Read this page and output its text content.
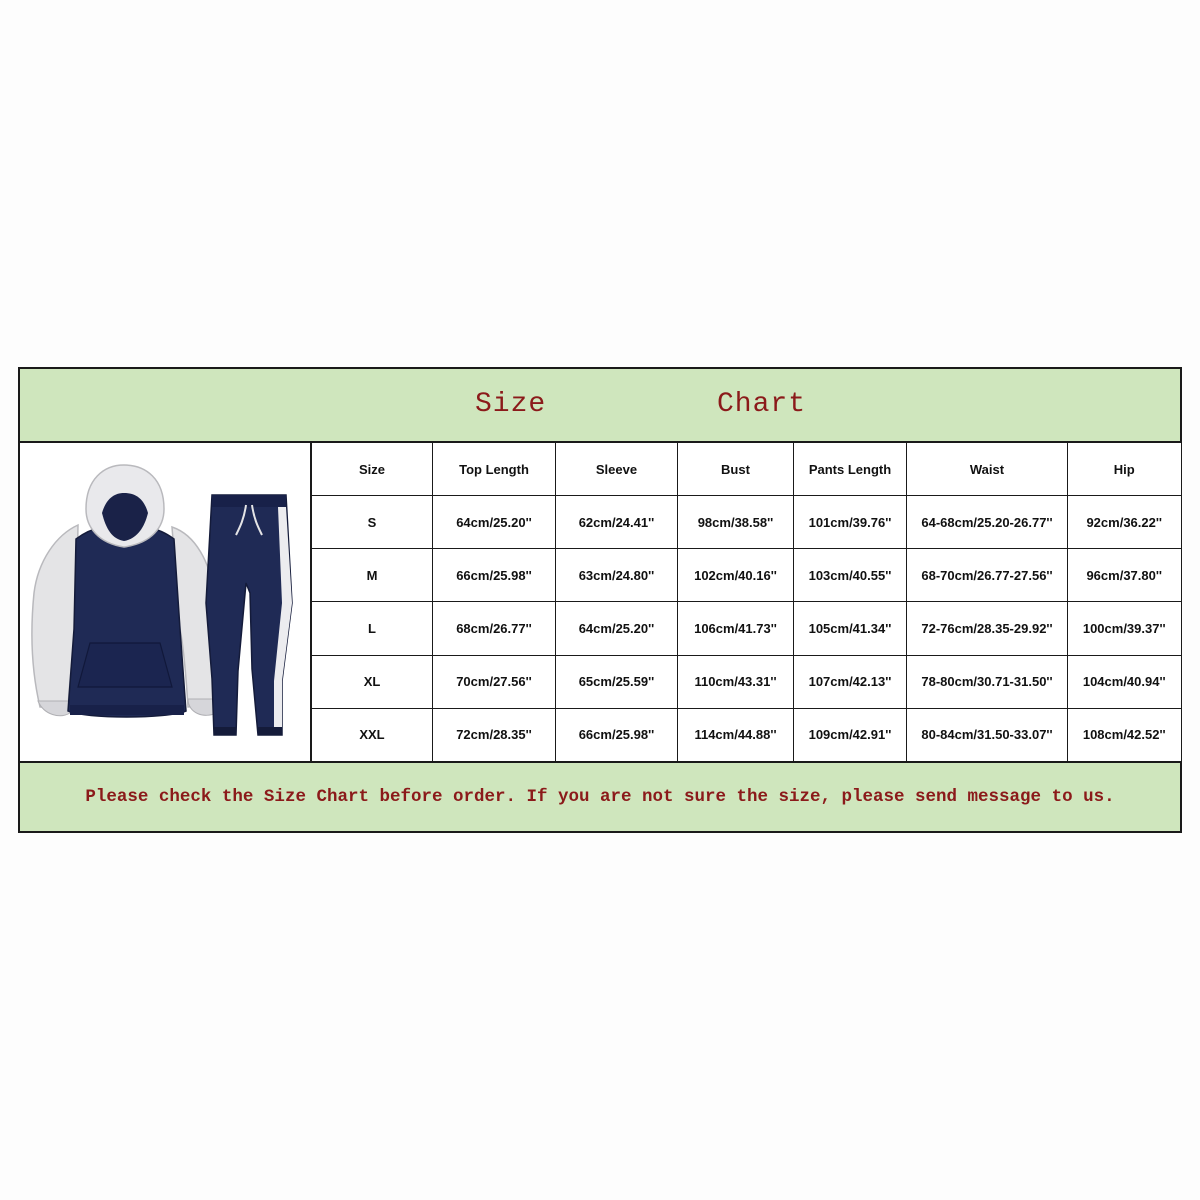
Size	Chart
Size	Top Length	Sleeve	Bust	Pants Length	Waist	Hip
S	64cm/25.20''	62cm/24.41''	98cm/38.58''	101cm/39.76''	64-68cm/25.20-26.77''	92cm/36.22''
M	66cm/25.98''	63cm/24.80''	102cm/40.16''	103cm/40.55''	68-70cm/26.77-27.56''	96cm/37.80''
L	68cm/26.77''	64cm/25.20''	106cm/41.73''	105cm/41.34''	72-76cm/28.35-29.92''	100cm/39.37''
XL	70cm/27.56''	65cm/25.59''	110cm/43.31''	107cm/42.13''	78-80cm/30.71-31.50''	104cm/40.94''
XXL	72cm/28.35''	66cm/25.98''	114cm/44.88''	109cm/42.91''	80-84cm/31.50-33.07''	108cm/42.52''
Please check the Size Chart before order. If you are not sure the size, please send message to us.
